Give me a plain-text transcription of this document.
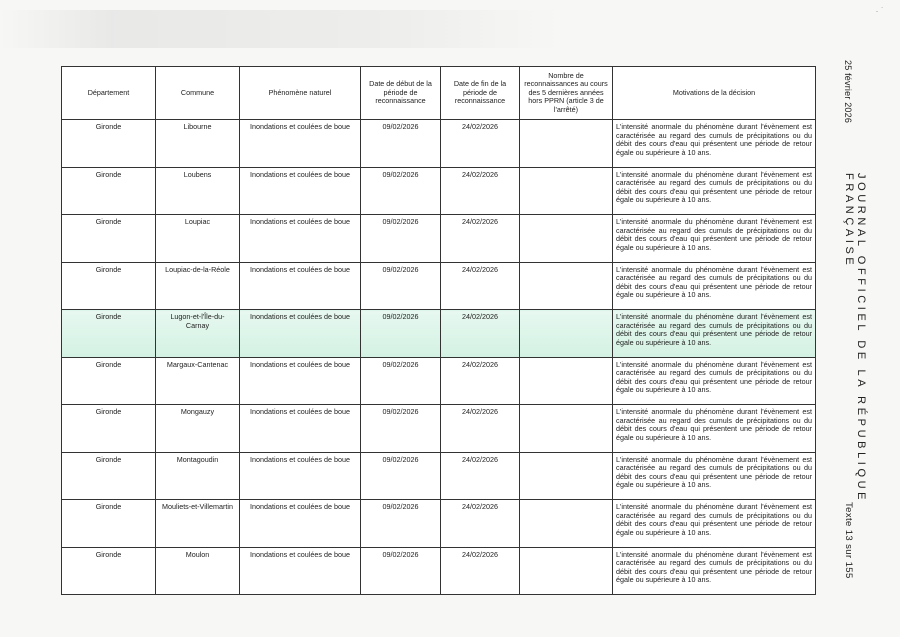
· ˙
Département	Commune	Phénomène naturel	Date de début de la période de reconnaissance	Date de fin de la période de reconnaissance	Nombre de reconnaissances au cours des 5 dernières années hors PPRN (article 3 de l'arrêté)	Motivations de la décision
Gironde	Libourne	Inondations et coulées de boue	09/02/2026	24/02/2026		L'intensité anormale du phénomène durant l'évènement est caractérisée au regard des cumuls de précipitations ou du débit des cours d'eau qui présentent une période de retour égale ou supérieure à 10 ans.
Gironde	Loubens	Inondations et coulées de boue	09/02/2026	24/02/2026		L'intensité anormale du phénomène durant l'évènement est caractérisée au regard des cumuls de précipitations ou du débit des cours d'eau qui présentent une période de retour égale ou supérieure à 10 ans.
Gironde	Loupiac	Inondations et coulées de boue	09/02/2026	24/02/2026		L'intensité anormale du phénomène durant l'évènement est caractérisée au regard des cumuls de précipitations ou du débit des cours d'eau qui présentent une période de retour égale ou supérieure à 10 ans.
Gironde	Loupiac-de-la-Réole	Inondations et coulées de boue	09/02/2026	24/02/2026		L'intensité anormale du phénomène durant l'évènement est caractérisée au regard des cumuls de précipitations ou du débit des cours d'eau qui présentent une période de retour égale ou supérieure à 10 ans.
Gironde	Lugon-et-l'Île-du-Carnay	Inondations et coulées de boue	09/02/2026	24/02/2026		L'intensité anormale du phénomène durant l'évènement est caractérisée au regard des cumuls de précipitations ou du débit des cours d'eau qui présentent une période de retour égale ou supérieure à 10 ans.
Gironde	Margaux-Cantenac	Inondations et coulées de boue	09/02/2026	24/02/2026		L'intensité anormale du phénomène durant l'évènement est caractérisée au regard des cumuls de précipitations ou du débit des cours d'eau qui présentent une période de retour égale ou supérieure à 10 ans.
Gironde	Mongauzy	Inondations et coulées de boue	09/02/2026	24/02/2026		L'intensité anormale du phénomène durant l'évènement est caractérisée au regard des cumuls de précipitations ou du débit des cours d'eau qui présentent une période de retour égale ou supérieure à 10 ans.
Gironde	Montagoudin	Inondations et coulées de boue	09/02/2026	24/02/2026		L'intensité anormale du phénomène durant l'évènement est caractérisée au regard des cumuls de précipitations ou du débit des cours d'eau qui présentent une période de retour égale ou supérieure à 10 ans.
Gironde	Mouliets-et-Villemartin	Inondations et coulées de boue	09/02/2026	24/02/2026		L'intensité anormale du phénomène durant l'évènement est caractérisée au regard des cumuls de précipitations ou du débit des cours d'eau qui présentent une période de retour égale ou supérieure à 10 ans.
Gironde	Moulon	Inondations et coulées de boue	09/02/2026	24/02/2026		L'intensité anormale du phénomène durant l'évènement est caractérisée au regard des cumuls de précipitations ou du débit des cours d'eau qui présentent une période de retour égale ou supérieure à 10 ans.
25 février 2026
JOURNAL OFFICIEL DE LA RÉPUBLIQUE FRANÇAISE
Texte 13 sur 155
